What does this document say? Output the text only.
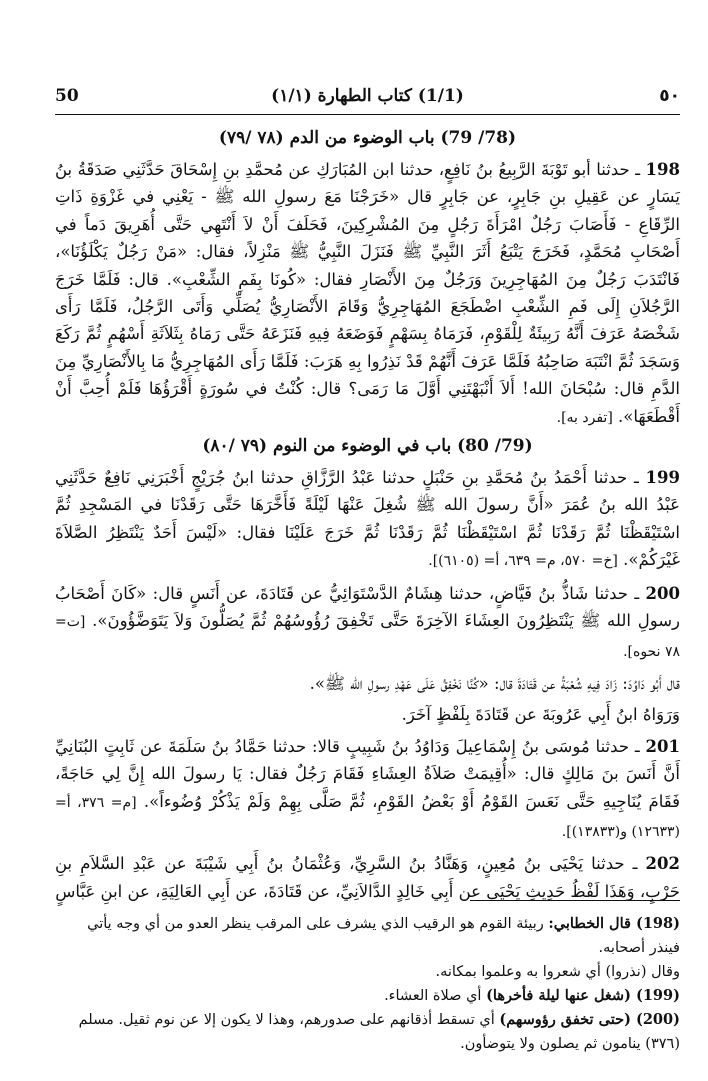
50	(1/1) كتاب الطهارة (١/١)	٥٠
(78/ 79) باب الوضوء من الدم (٧٨ /٧٩)

198 ـ حدثنا أبو تَوْبَةَ الرَّبِيعُ بنُ نَافِعٍ، حدثنا ابن المُبَارَكِ عن مُحمَّدِ بنِ إِسْحَاقَ حَدَّثَنِي صَدَقَةُ بنُ يَسَارٍ عن عَقِيلِ بنِ جَابِرٍ، عن جَابِرٍ قال «خَرَجْنَا مَعَ رسولِ الله ﷺ - يَعْنِي في غَزْوَةِ ذَاتِ الرِّقَاعِ - فَأَصَابَ رَجُلٌ امْرَأَةَ رَجُلٍ مِنَ المُشْرِكِينَ، فَحَلَفَ أَنْ لاَ أَنْتَهِي حَتَّى أُهَرِيقَ دَماً في أَصْحَابِ مُحَمَّدٍ، فَخَرَجَ يَتْبَعُ أَثَرَ النَّبِيِّ ﷺ فَنَزَلَ النَّبِيُّ ﷺ مَنْزِلاً، فقال: «مَنْ رَجُلٌ يَكْلَؤُنَا»، فَانْتَدَبَ رَجُلٌ مِنَ المُهَاجِرِينَ وَرَجُلٌ مِنَ الأَنْصَارِ فقال: «كُونَا بِفَمِ الشِّعْبِ». قال: فَلَمَّا خَرَجَ الرَّجُلاَنِ إِلَى فَمِ الشِّعْبِ اضْطَجَعَ المُهَاجِرِيُّ وَقَامَ الأَنْصَارِيُّ يُصَلِّي وَأَتَى الرَّجُلُ، فَلَمَّا رَأَى شَخْصَهُ عَرَفَ أَنَّهُ رَبِيئَةٌ لِلْقَوْمِ، فَرَمَاهُ بِسَهْمٍ فَوَضَعَهُ فِيهِ فَنَزَعَهُ حَتَّى رَمَاهُ بِثَلاَثَةِ أَسْهُمٍ ثُمَّ رَكَعَ وَسَجَدَ ثُمَّ انْتَبَهَ صَاحِبُهُ فَلَمَّا عَرَفَ أَنَّهُمْ قَدْ نَذِرُوا بِهِ هَرَبَ: فَلَمَّا رَأَى المُهَاجِرِيُّ مَا بِالأَنْصَارِيِّ مِنَ الدَّمِ قال: سُبْحَانَ الله! أَلاَ أَنْبَهْتَنِي أَوَّلَ مَا رَمَى؟ قال: كُنْتُ في سُورَةٍ أَقْرَؤُهَا فَلَمْ أُحِبَّ أَنْ أَقْطَعَهَا». [تفرد به].

(79/ 80) باب في الوضوء من النوم (٧٩ /٨٠)

199 ـ حدثنا أَحْمَدُ بنُ مُحَمَّدِ بنِ حَنْبَلٍ حدثنا عَبْدُ الرَّزَّاقِ حدثنا ابنُ جُرَيْجٍ أَخْبَرَنِي نَافِعٌ حَدَّثَنِي عَبْدُ الله بنُ عُمَرَ «أَنَّ رسولَ الله ﷺ شُغِلَ عَنْهَا لَيْلَةً فَأَخَّرَهَا حَتَّى رَقَدْنَا في المَسْجِدِ ثُمَّ اسْتَيْقَظْنَا ثُمَّ رَقَدْنَا ثُمَّ اسْتَيْقَظْنَا ثُمَّ رَقَدْنَا ثُمَّ خَرَجَ عَلَيْنَا فقال: «لَيْسَ أَحَدٌ يَنْتَظِرُ الصَّلاَةَ غَيْرَكُمْ». [خ= ٥٧٠، م= ٦٣٩، أ= (٦١٠٥)].

200 ـ حدثنا شَاذُّ بنُ فَيَّاضٍ، حدثنا هِشَامٌ الدَّسْتَوَائِيُّ عن قَتَادَةَ، عن أَنَسٍ قال: «كَانَ أَصْحَابُ رسولِ الله ﷺ يَنْتَظِرُونَ العِشَاءَ الآخِرَةَ حَتَّى تَخْفِقَ رُؤُوسُهُمْ ثُمَّ يُصَلُّونَ وَلاَ يَتَوَضَّؤُونَ». [ت= ٧٨ نحوه].

قال أَبُو دَاوُدَ: زَادَ فِيهِ شُعْبَةُ عن قَتَادَةَ قال: «كُنَّا نَخْفِقُ عَلَى عَهْدِ رسولِ الله ﷺ».

وَرَوَاهُ ابنُ أَبِي عَرُوبَةَ عن قَتَادَةَ بِلَفْظٍ آخَرَ.

201 ـ حدثنا مُوسَى بنُ إِسْمَاعِيلَ وَدَاوُدُ بنُ شَبِيبٍ قالا: حدثنا حَمَّادُ بنُ سَلَمَةَ عن ثَابِتٍ البُنَانِيِّ أَنَّ أَنَسَ بنَ مَالِكٍ قال: «أُقِيمَتْ صَلاَةُ العِشَاءِ فَقَامَ رَجُلٌ فقال: يَا رسولَ الله إِنَّ لِي حَاجَةً، فَقَامَ يُنَاجِيهِ حَتَّى نَعَسَ القَوْمُ أَوْ بَعْضُ القَوْمِ، ثُمَّ صَلَّى بِهِمْ وَلَمْ يَذْكُرْ وُضُوءاً». [م= ٣٧٦، أ= (١٢٦٣٣) و(١٣٨٣٣)].

202 ـ حدثنا يَحْيَى بنُ مُعِينٍ، وَهَنَّادُ بنُ السَّرِيِّ، وَعُثْمَانُ بنُ أَبِي شَيْبَةَ عن عَبْدِ السَّلاَمِ بنِ حَرْبٍ، وَهَذَا لَفْظُ حَدِيثِ يَحْيَى عن أَبِي خَالِدٍ الدَّالاَنِيِّ، عن قَتَادَةَ، عن أَبِي العَالِيَةِ، عن ابنِ عَبَّاسٍ

(198) قال الخطابي: ربيئة القوم هو الرقيب الذي يشرف على المرقب ينظر العدو من أي وجه يأتي فينذر أصحابه.

وقال (نذروا) أي شعروا به وعلموا بمكانه.

(199) (شغل عنها ليلة فأخرها) أي صلاة العشاء.

(200) (حتى تخفق رؤوسهم) أي تسقط أذقانهم على صدورهم، وهذا لا يكون إلا عن نوم ثقيل. مسلم (٣٧٦) ينامون ثم يصلون ولا يتوضأون.
